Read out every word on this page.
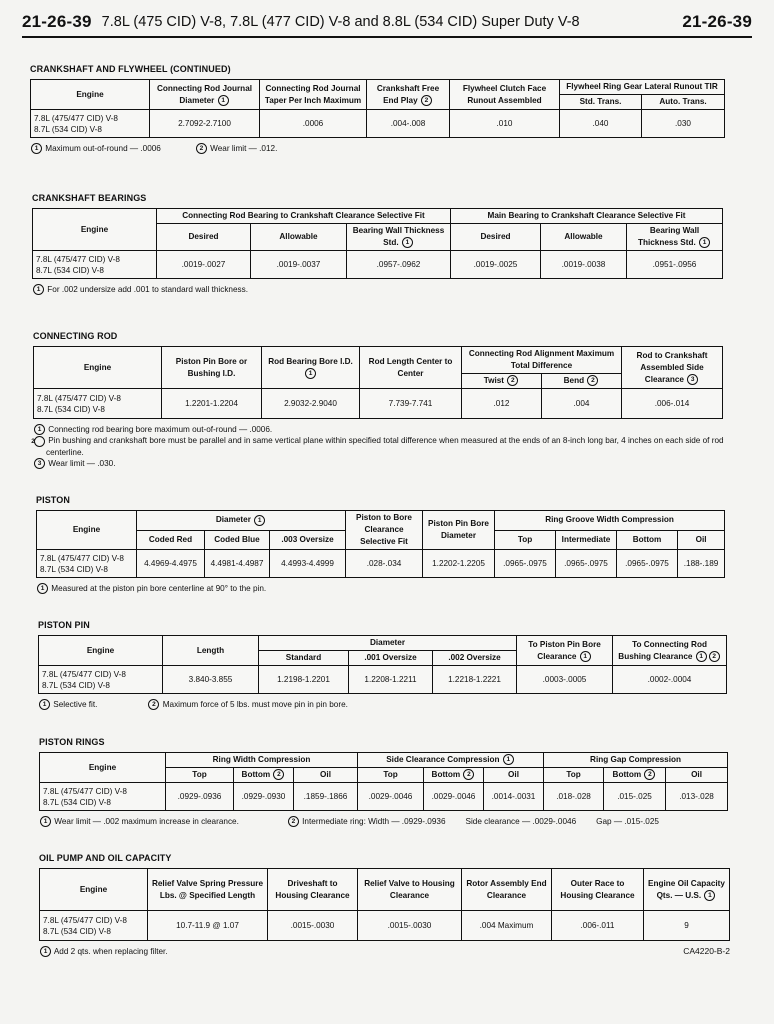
21-26-39 7.8L (475 CID) V-8, 7.8L (477 CID) V-8 and 8.8L (534 CID) Super Duty V-8	21-26-39
CRANKSHAFT AND FLYWHEEL (CONTINUED)
Engine	Connecting Rod Journal Diameter 1	Connecting Rod Journal Taper Per Inch Maximum	Crankshaft Free End Play 2	Flywheel Clutch Face Runout Assembled	Flywheel Ring Gear Lateral Runout TIR	
					Std. Trans.	Auto. Trans.
7.8L (475/477 CID) V-8
8.7L (534 CID) V-8	2.7092-2.7100	.0006	.004-.008	.010	.040	.030
1 Maximum out-of-round — .0006	2 Wear limit — .012.
CRANKSHAFT BEARINGS
Engine	Connecting Rod Bearing to Crankshaft Clearance Selective Fit			Main Bearing to Crankshaft Clearance Selective Fit		
	Desired	Allowable	Bearing Wall Thickness Std. 1	Desired	Allowable	Bearing Wall Thickness Std. 1
7.8L (475/477 CID) V-8
8.7L (534 CID) V-8	.0019-.0027	.0019-.0037	.0957-.0962	.0019-.0025	.0019-.0038	.0951-.0956
1 For .002 undersize add .001 to standard wall thickness.
CONNECTING ROD
Engine	Piston Pin Bore or Bushing I.D.	Rod Bearing Bore I.D. 1	Rod Length Center to Center	Connecting Rod Alignment Maximum Total Difference		Rod to Crankshaft Assembled Side Clearance 3
				Twist 2	Bend 2	
7.8L (475/477 CID) V-8
8.7L (534 CID) V-8	1.2201-1.2204	2.9032-2.9040	7.739-7.741	.012	.004	.006-.014
1 Connecting rod bearing bore maximum out-of-round — .0006.
2 Pin bushing and crankshaft bore must be parallel and in same vertical plane within specified total difference when measured at the ends of an 8-inch long bar, 4 inches on each side of rod centerline.
3 Wear limit — .030.
PISTON
Engine	Diameter 1			Piston to Bore Clearance Selective Fit	Piston Pin Bore Diameter	Ring Groove Width Compression			
	Coded Red	Coded Blue	.003 Oversize			Top	Intermediate	Bottom	Oil
7.8L (475/477 CID) V-8
8.7L (534 CID) V-8	4.4969-4.4975	4.4981-4.4987	4.4993-4.4999	.028-.034	1.2202-1.2205	.0965-.0975	.0965-.0975	.0965-.0975	.188-.189
1 Measured at the piston pin bore centerline at 90° to the pin.
PISTON PIN
Engine	Length	Diameter			To Piston Pin Bore Clearance 1	To Connecting Rod Bushing Clearance 1 2
		Standard	.001 Oversize	.002 Oversize		
7.8L (475/477 CID) V-8
8.7L (534 CID) V-8	3.840-3.855	1.2198-1.2201	1.2208-1.2211	1.2218-1.2221	.0003-.0005	.0002-.0004
1 Selective fit.	2 Maximum force of 5 lbs. must move pin in pin bore.
PISTON RINGS
Engine	Ring Width Compression			Side Clearance Compression 1			Ring Gap Compression		
	Top	Bottom 2	Oil	Top	Bottom 2	Oil	Top	Bottom 2	Oil
7.8L (475/477 CID) V-8
8.7L (534 CID) V-8	.0929-.0936	.0929-.0930	.1859-.1866	.0029-.0046	.0029-.0046	.0014-.0031	.018-.028	.015-.025	.013-.028
1 Wear limit — .002 maximum increase in clearance.	2 Intermediate ring: Width — .0929-.0936 Side clearance — .0029-.0046 Gap — .015-.025
OIL PUMP AND OIL CAPACITY
Engine	Relief Valve Spring Pressure Lbs. @ Specified Length	Driveshaft to Housing Clearance	Relief Valve to Housing Clearance	Rotor Assembly End Clearance	Outer Race to Housing Clearance	Engine Oil Capacity Qts. — U.S. 1
7.8L (475/477 CID) V-8
8.7L (534 CID) V-8	10.7-11.9 @ 1.07	.0015-.0030	.0015-.0030	.004 Maximum	.006-.011	9
1 Add 2 qts. when replacing filter.	CA4220-B-2
